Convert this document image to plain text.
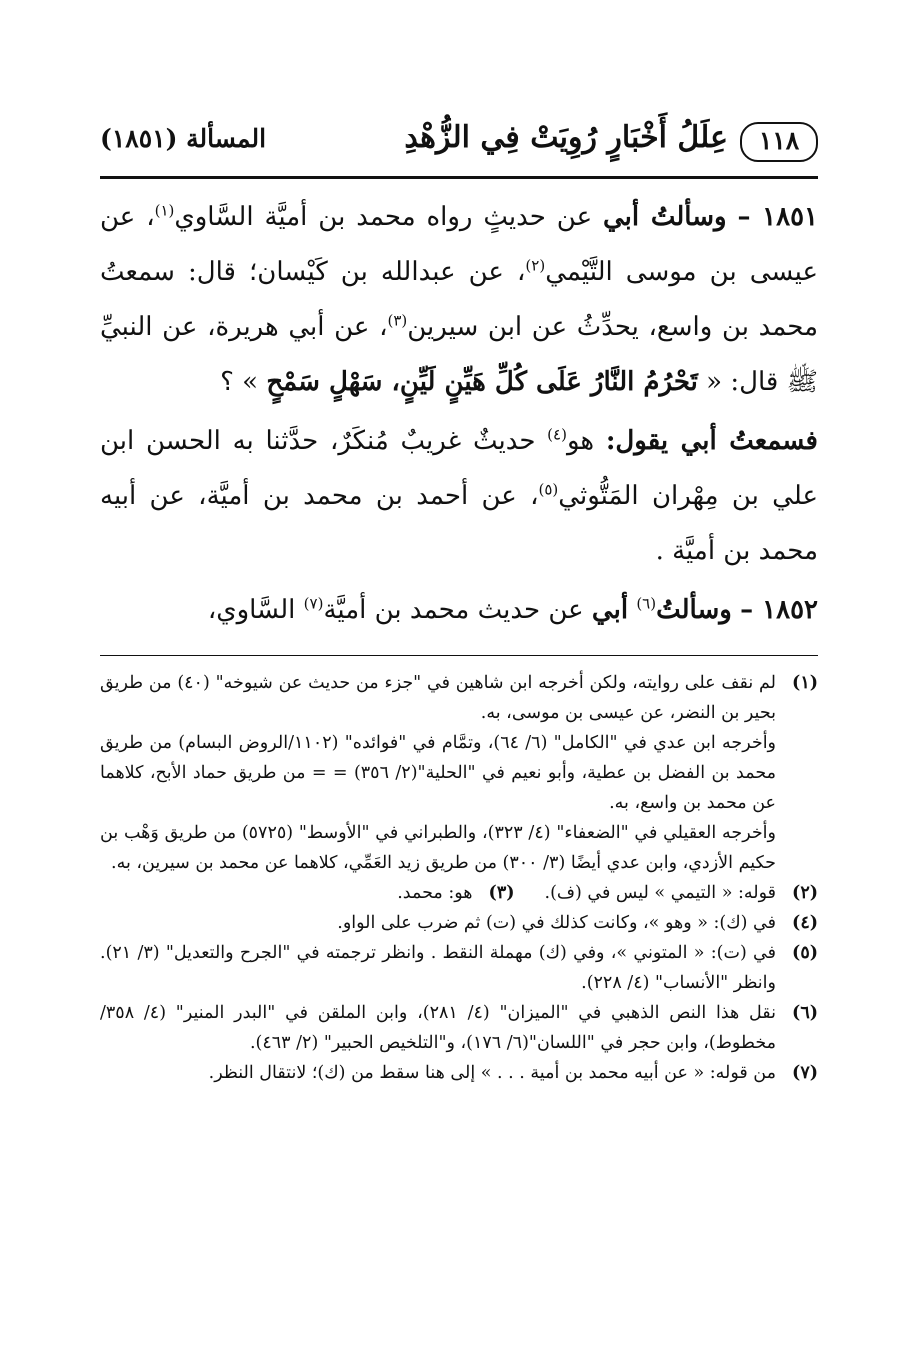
١١٨
عِلَلُ أَخْبَارٍ رُوِيَتْ فِي الزُّهْدِ
المسألة (١٨٥١)

١٨٥١ – وسألتُ أبي عن حديثٍ رواه محمد بن أميَّة السَّاوي$^{(١)}$، عن عيسى بن موسى التَّيْمي$^{(٢)}$، عن عبدالله بن كَيْسان؛ قال: سمعتُ محمد بن واسع، يحدِّثُ عن ابن سيرين$^{(٣)}$، عن أبي هريرة، عن النبيِّ ﷺ قال: « تَحْرُمُ النَّارُ عَلَى كُلِّ هَيِّنٍ لَيِّنٍ، سَهْلٍ سَمْحٍ » ؟

فسمعتُ أبي يقول: هو$^{(٤)}$ حديثٌ غريبٌ مُنكَرٌ، حدَّثنا به الحسن ابن علي بن مِهْران المَتُّوثي$^{(٥)}$، عن أحمد بن محمد بن أميَّة، عن أبيه محمد بن أميَّة .

١٨٥٢ – وسألتُ$^{(٦)}$ أبي عن حديث محمد بن أميَّة$^{(٧)}$ السَّاوي،

(١)
لم نقف على روايته، ولكن أخرجه ابن شاهين في "جزء من حديث عن شيوخه" (٤٠) من طريق بحير بن النضر، عن عيسى بن موسى، به.
وأخرجه ابن عدي في "الكامل" (٦/ ٦٤)، وتمَّام في "فوائده" (١١٠٢/الروض البسام) من طريق محمد بن الفضل بن عطية، وأبو نعيم في "الحلية"(٢/ ٣٥٦) = = من طريق حماد الأبح، كلاهما عن محمد بن واسع، به.
وأخرجه العقيلي في "الضعفاء" (٤/ ٣٢٣)، والطبراني في "الأوسط" (٥٧٢٥) من طريق وَهْب بن حكيم الأزدي، وابن عدي أيضًا (٣/ ٣٠٠) من طريق زيد العَمِّي، كلاهما عن محمد بن سيرين، به.
(٢)
قوله: « التيمي » ليس في (ف).
(٣)
هو: محمد.
(٤)
في (ك): « وهو »، وكانت كذلك في (ت) ثم ضرب على الواو.
(٥)
في (ت): « المتوني »، وفي (ك) مهملة النقط . وانظر ترجمته في "الجرح والتعديل" (٣/ ٢١). وانظر "الأنساب" (٤/ ٢٢٨).
(٦)
نقل هذا النص الذهبي في "الميزان" (٤/ ٢٨١)، وابن الملقن في "البدر المنير" (٤/ ٣٥٨/مخطوط)، وابن حجر في "اللسان"(٦/ ١٧٦)، و"التلخيص الحبير" (٢/ ٤٦٣).
(٧)
من قوله: « عن أبيه محمد بن أمية . . . » إلى هنا سقط من (ك)؛ لانتقال النظر.
